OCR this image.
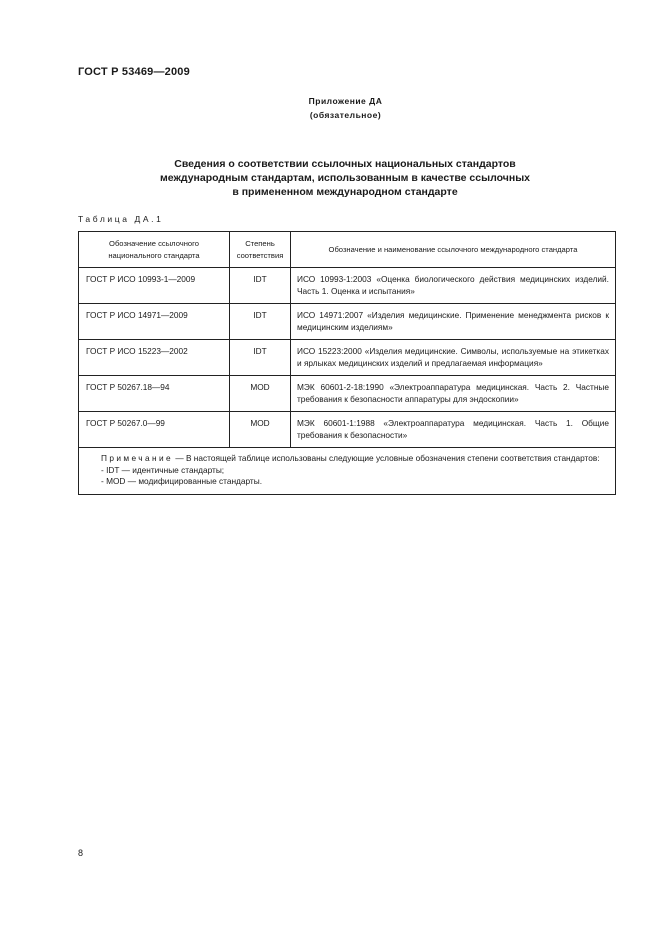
ГОСТ Р 53469—2009
Приложение ДА
(обязательное)
Сведения о соответствии ссылочных национальных стандартов
международным стандартам, использованным в качестве ссылочных
в примененном международном стандарте
Таблица ДА.1
Обозначение ссылочного национального стандарта	Степень соответствия	Обозначение и наименование ссылочного международного стандарта
ГОСТ Р ИСО 10993-1—2009	IDT	ИСО 10993-1:2003 «Оценка биологического действия медицинских изделий. Часть 1. Оценка и испытания»
ГОСТ Р ИСО 14971—2009	IDT	ИСО 14971:2007 «Изделия медицинские. Применение менеджмента рисков к медицинским изделиям»
ГОСТ Р ИСО 15223—2002	IDT	ИСО 15223:2000 «Изделия медицинские. Символы, используемые на этикетках и ярлыках медицинских изделий и предлагаемая информация»
ГОСТ Р 50267.18—94	MOD	МЭК 60601-2-18:1990 «Электроаппаратура медицинская. Часть 2. Частные требования к безопасности аппаратуры для эндоскопии»
ГОСТ Р 50267.0—99	MOD	МЭК 60601-1:1988 «Электроаппаратура медицинская. Часть 1. Общие требования к безопасности»

Примечание — В настоящей таблице использованы следующие условные обозначения степени соответствия стандартов:
- IDT — идентичные стандарты;
- MOD — модифицированные стандарты.		
8
